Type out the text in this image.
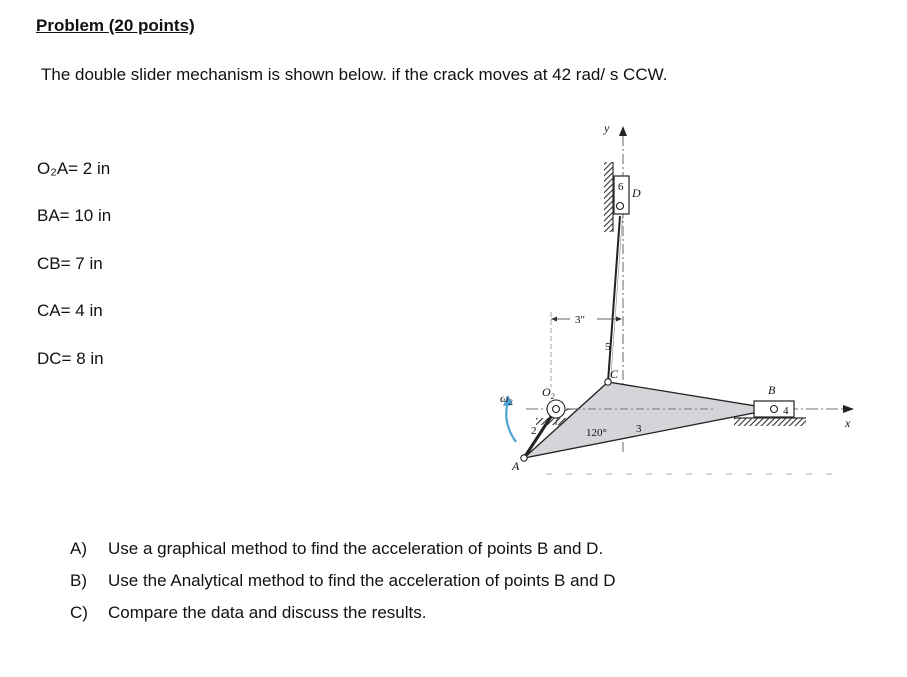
Problem (20 points)
The double slider mechanism is shown below. if the crack moves at 42 rad/ s CCW.
O₂A= 2 in
BA= 10 in
CB= 7 in
CA= 4 in
DC= 8 in
y
x
3″
D
6
B
4
C
A
$O_2$
$\omega_2$
5
3
2	120°
A) Use a graphical method to find the acceleration of points B and D.
B) Use the Analytical method to find the acceleration of points B and D
C) Compare the data and discuss the results.
